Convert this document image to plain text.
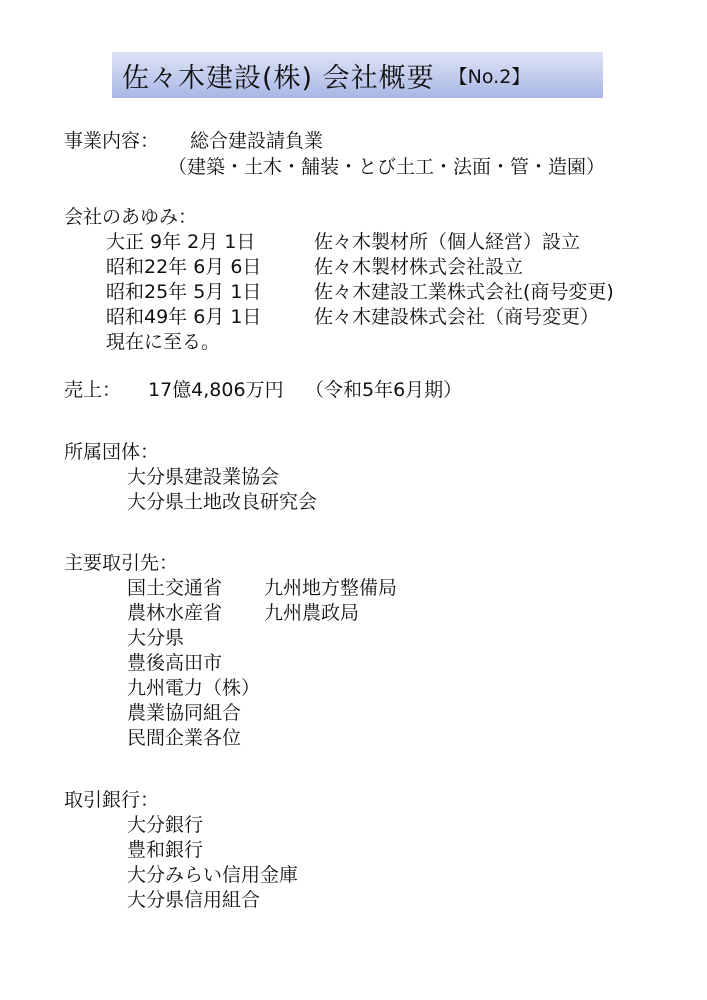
佐々木建設(株) 会社概要 【No.2】
事業内容： 総合建設請負業
（建築・土木・舗装・とび土工・法面・管・造園）
会社のあゆみ：
大正 9年 2月 1日	佐々木製材所（個人経営）設立
昭和22年 6月 6日	佐々木製材株式会社設立
昭和25年 5月 1日	佐々木建設工業株式会社(商号変更)
昭和49年 6月 1日	佐々木建設株式会社（商号変更）
現在に至る。
売上： 17億4,806万円 （令和5年6月期）
所属団体：
大分県建設業協会
大分県土地改良研究会
主要取引先：
国土交通省 九州地方整備局
農林水産省 九州農政局
大分県
豊後高田市
九州電力（株）
農業協同組合
民間企業各位
取引銀行：
大分銀行
豊和銀行
大分みらい信用金庫
大分県信用組合
